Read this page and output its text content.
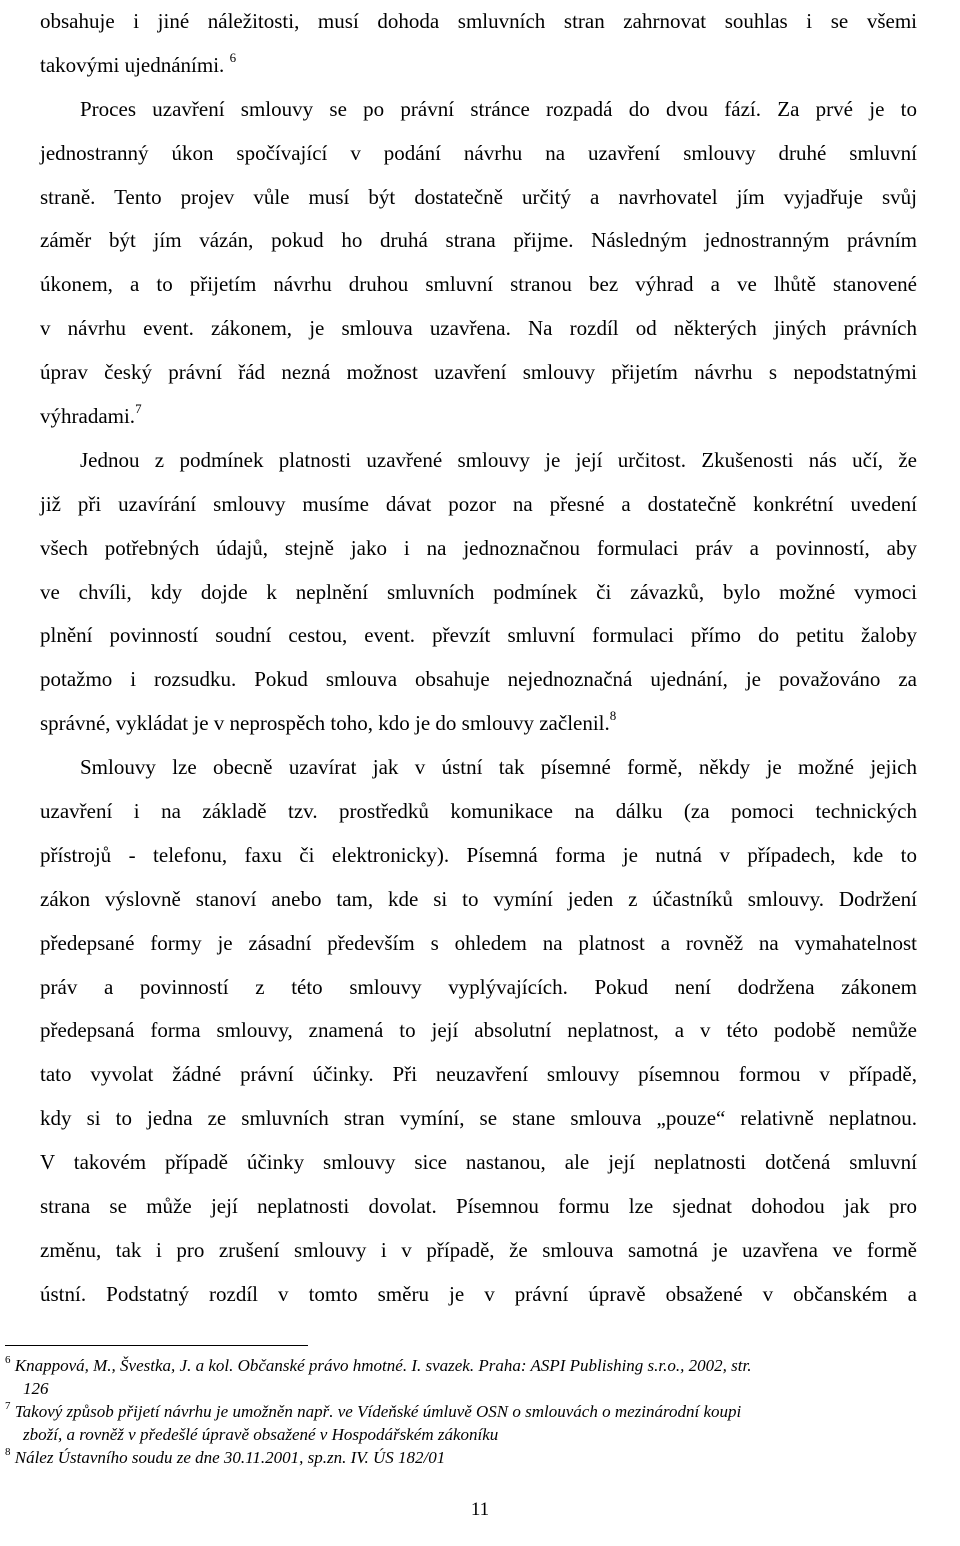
obsahuje i jiné náležitosti, musí dohoda smluvních stran zahrnovat souhlas i se všemi
takovými ujednáními. $^6$
Proces uzavření smlouvy se po právní stránce rozpadá do dvou fází. Za prvé je to
jednostranný úkon spočívající v podání návrhu na uzavření smlouvy druhé smluvní
straně. Tento projev vůle musí být dostatečně určitý a navrhovatel jím vyjadřuje svůj
záměr být jím vázán, pokud ho druhá strana přijme. Následným jednostranným právním
úkonem, a to přijetím návrhu druhou smluvní stranou bez výhrad a ve lhůtě stanovené
v návrhu event. zákonem, je smlouva uzavřena. Na rozdíl od některých jiných právních
úprav český právní řád nezná možnost uzavření smlouvy přijetím návrhu s nepodstatnými
výhradami.$^7$
Jednou z podmínek platnosti uzavřené smlouvy je její určitost. Zkušenosti nás učí, že
již při uzavírání smlouvy musíme dávat pozor na přesné a dostatečně konkrétní uvedení
všech potřebných údajů, stejně jako i na jednoznačnou formulaci práv a povinností, aby
ve chvíli, kdy dojde k neplnění smluvních podmínek či závazků, bylo možné vymoci
plnění povinností soudní cestou, event. převzít smluvní formulaci přímo do petitu žaloby
potažmo i rozsudku. Pokud smlouva obsahuje nejednoznačná ujednání, je považováno za
správné, vykládat je v neprospěch toho, kdo je do smlouvy začlenil.$^8$
Smlouvy lze obecně uzavírat jak v ústní tak písemné formě, někdy je možné jejich
uzavření i na základě tzv. prostředků komunikace na dálku (za pomoci technických
přístrojů - telefonu, faxu či elektronicky). Písemná forma je nutná v případech, kde to
zákon výslovně stanoví anebo tam, kde si to vymíní jeden z účastníků smlouvy. Dodržení
předepsané formy je zásadní především s ohledem na platnost a rovněž na vymahatelnost
práv a povinností z této smlouvy vyplývajících. Pokud není dodržena zákonem
předepsaná forma smlouvy, znamená to její absolutní neplatnost, a v této podobě nemůže
tato vyvolat žádné právní účinky. Při neuzavření smlouvy písemnou formou v případě,
kdy si to jedna ze smluvních stran vymíní, se stane smlouva „pouze“ relativně neplatnou.
V takovém případě účinky smlouvy sice nastanou, ale její neplatnosti dotčená smluvní
strana se může její neplatnosti dovolat. Písemnou formu lze sjednat dohodou jak pro
změnu, tak i pro zrušení smlouvy i v případě, že smlouva samotná je uzavřena ve formě
ústní. Podstatný rozdíl v tomto směru je v právní úpravě obsažené v občanském a
$^6$ Knappová, M., Švestka, J. a kol. Občanské právo hmotné. I. svazek. Praha: ASPI Publishing s.r.o., 2002, str.
126
$^7$ Takový způsob přijetí návrhu je umožněn např. ve Vídeňské úmluvě OSN o smlouvách o mezinárodní koupi
zboží, a rovněž v předešlé úpravě obsažené v Hospodářském zákoníku
$^8$ Nález Ústavního soudu ze dne 30.11.2001, sp.zn. IV. ÚS 182/01
11
